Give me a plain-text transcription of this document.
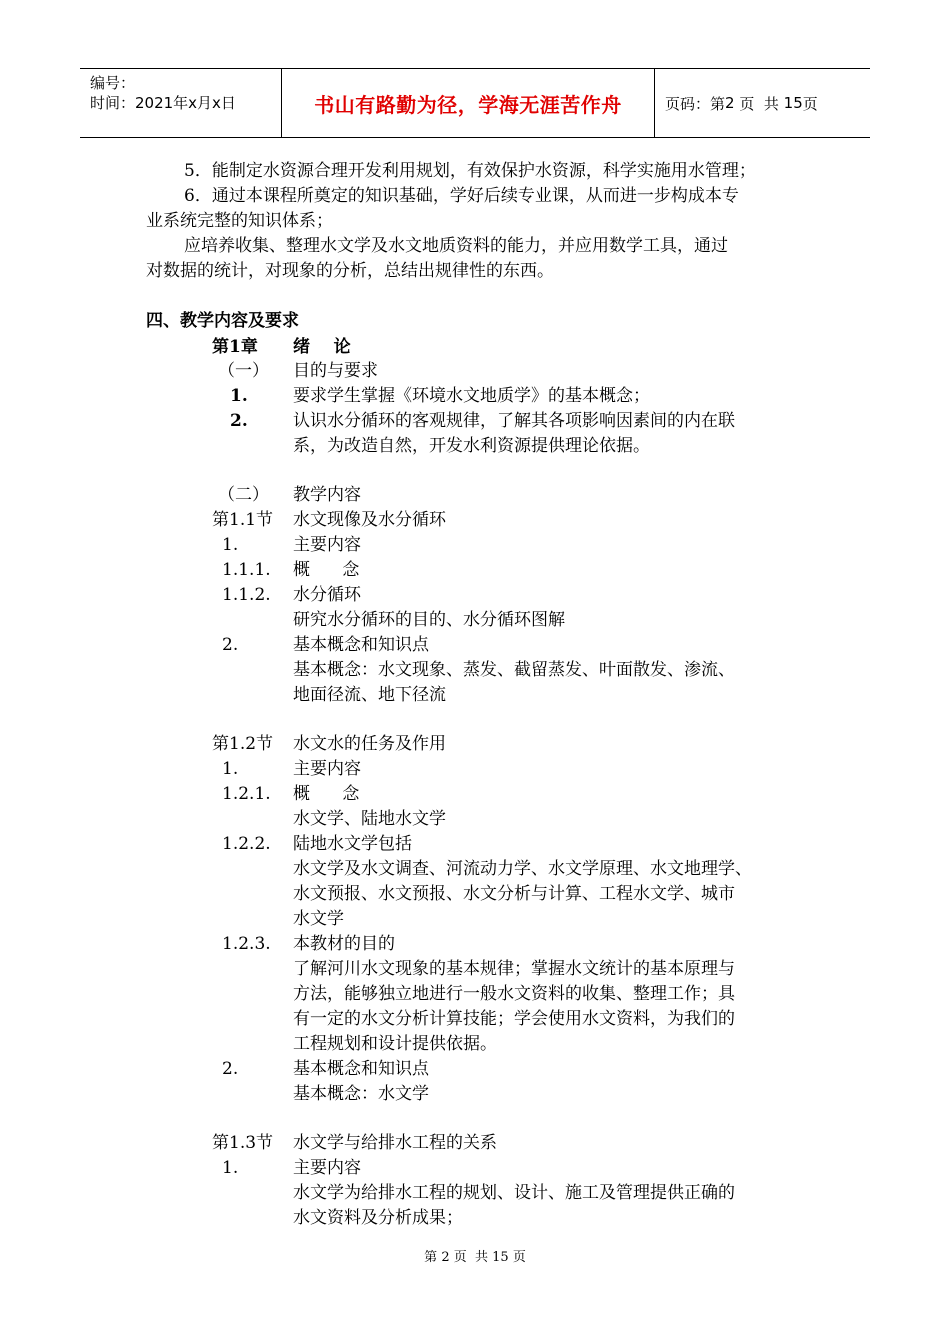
编号：
时间：2021年x月x日	书山有路勤为径，学海无涯苦作舟	页码：第 2
页  共
15 页
5．能制定水资源合理开发利用规划，有效保护水资源，科学实施用水管理；
6．通过本课程所奠定的知识基础，学好后续专业课，从而进一步构成本专
业系统完整的知识体系；
应培养收集、整理水文学及水文地质资料的能力，并应用数学工具，通过
对数据的统计，对现象的分析，总结出规律性的东西。
四、教学内容及要求
第1章 绪    论
（一） 目的与要求
1.	要求学生掌握《环境水文地质学》的基本概念；
2.	认识水分循环的客观规律，了解其各项影响因素间的内在联
系，为改造自然，开发水利资源提供理论依据。
（二） 教学内容
第1.1节 水文现像及水分循环
1.	主要内容
1.1.1. 概      念
1.1.2. 水分循环
研究水分循环的目的、水分循环图解
2.	基本概念和知识点
基本概念：水文现象、蒸发、截留蒸发、叶面散发、渗流、
地面径流、地下径流
第1.2节 水文水的任务及作用
1.	主要内容
1.2.1. 概      念
水文学、陆地水文学
1.2.2. 陆地水文学包括
水文学及水文调查、河流动力学、水文学原理、水文地理学、
水文预报、水文预报、水文分析与计算、工程水文学、城市
水文学
1.2.3. 本教材的目的
了解河川水文现象的基本规律；掌握水文统计的基本原理与
方法，能够独立地进行一般水文资料的收集、整理工作；具
有一定的水文分析计算技能；学会使用水文资料，为我们的
工程规划和设计提供依据。
2.	基本概念和知识点
基本概念：水文学
第1.3节 水文学与给排水工程的关系
1.	主要内容
水文学为给排水工程的规划、设计、施工及管理提供正确的
水文资料及分析成果；
第 2 页  共 15 页
